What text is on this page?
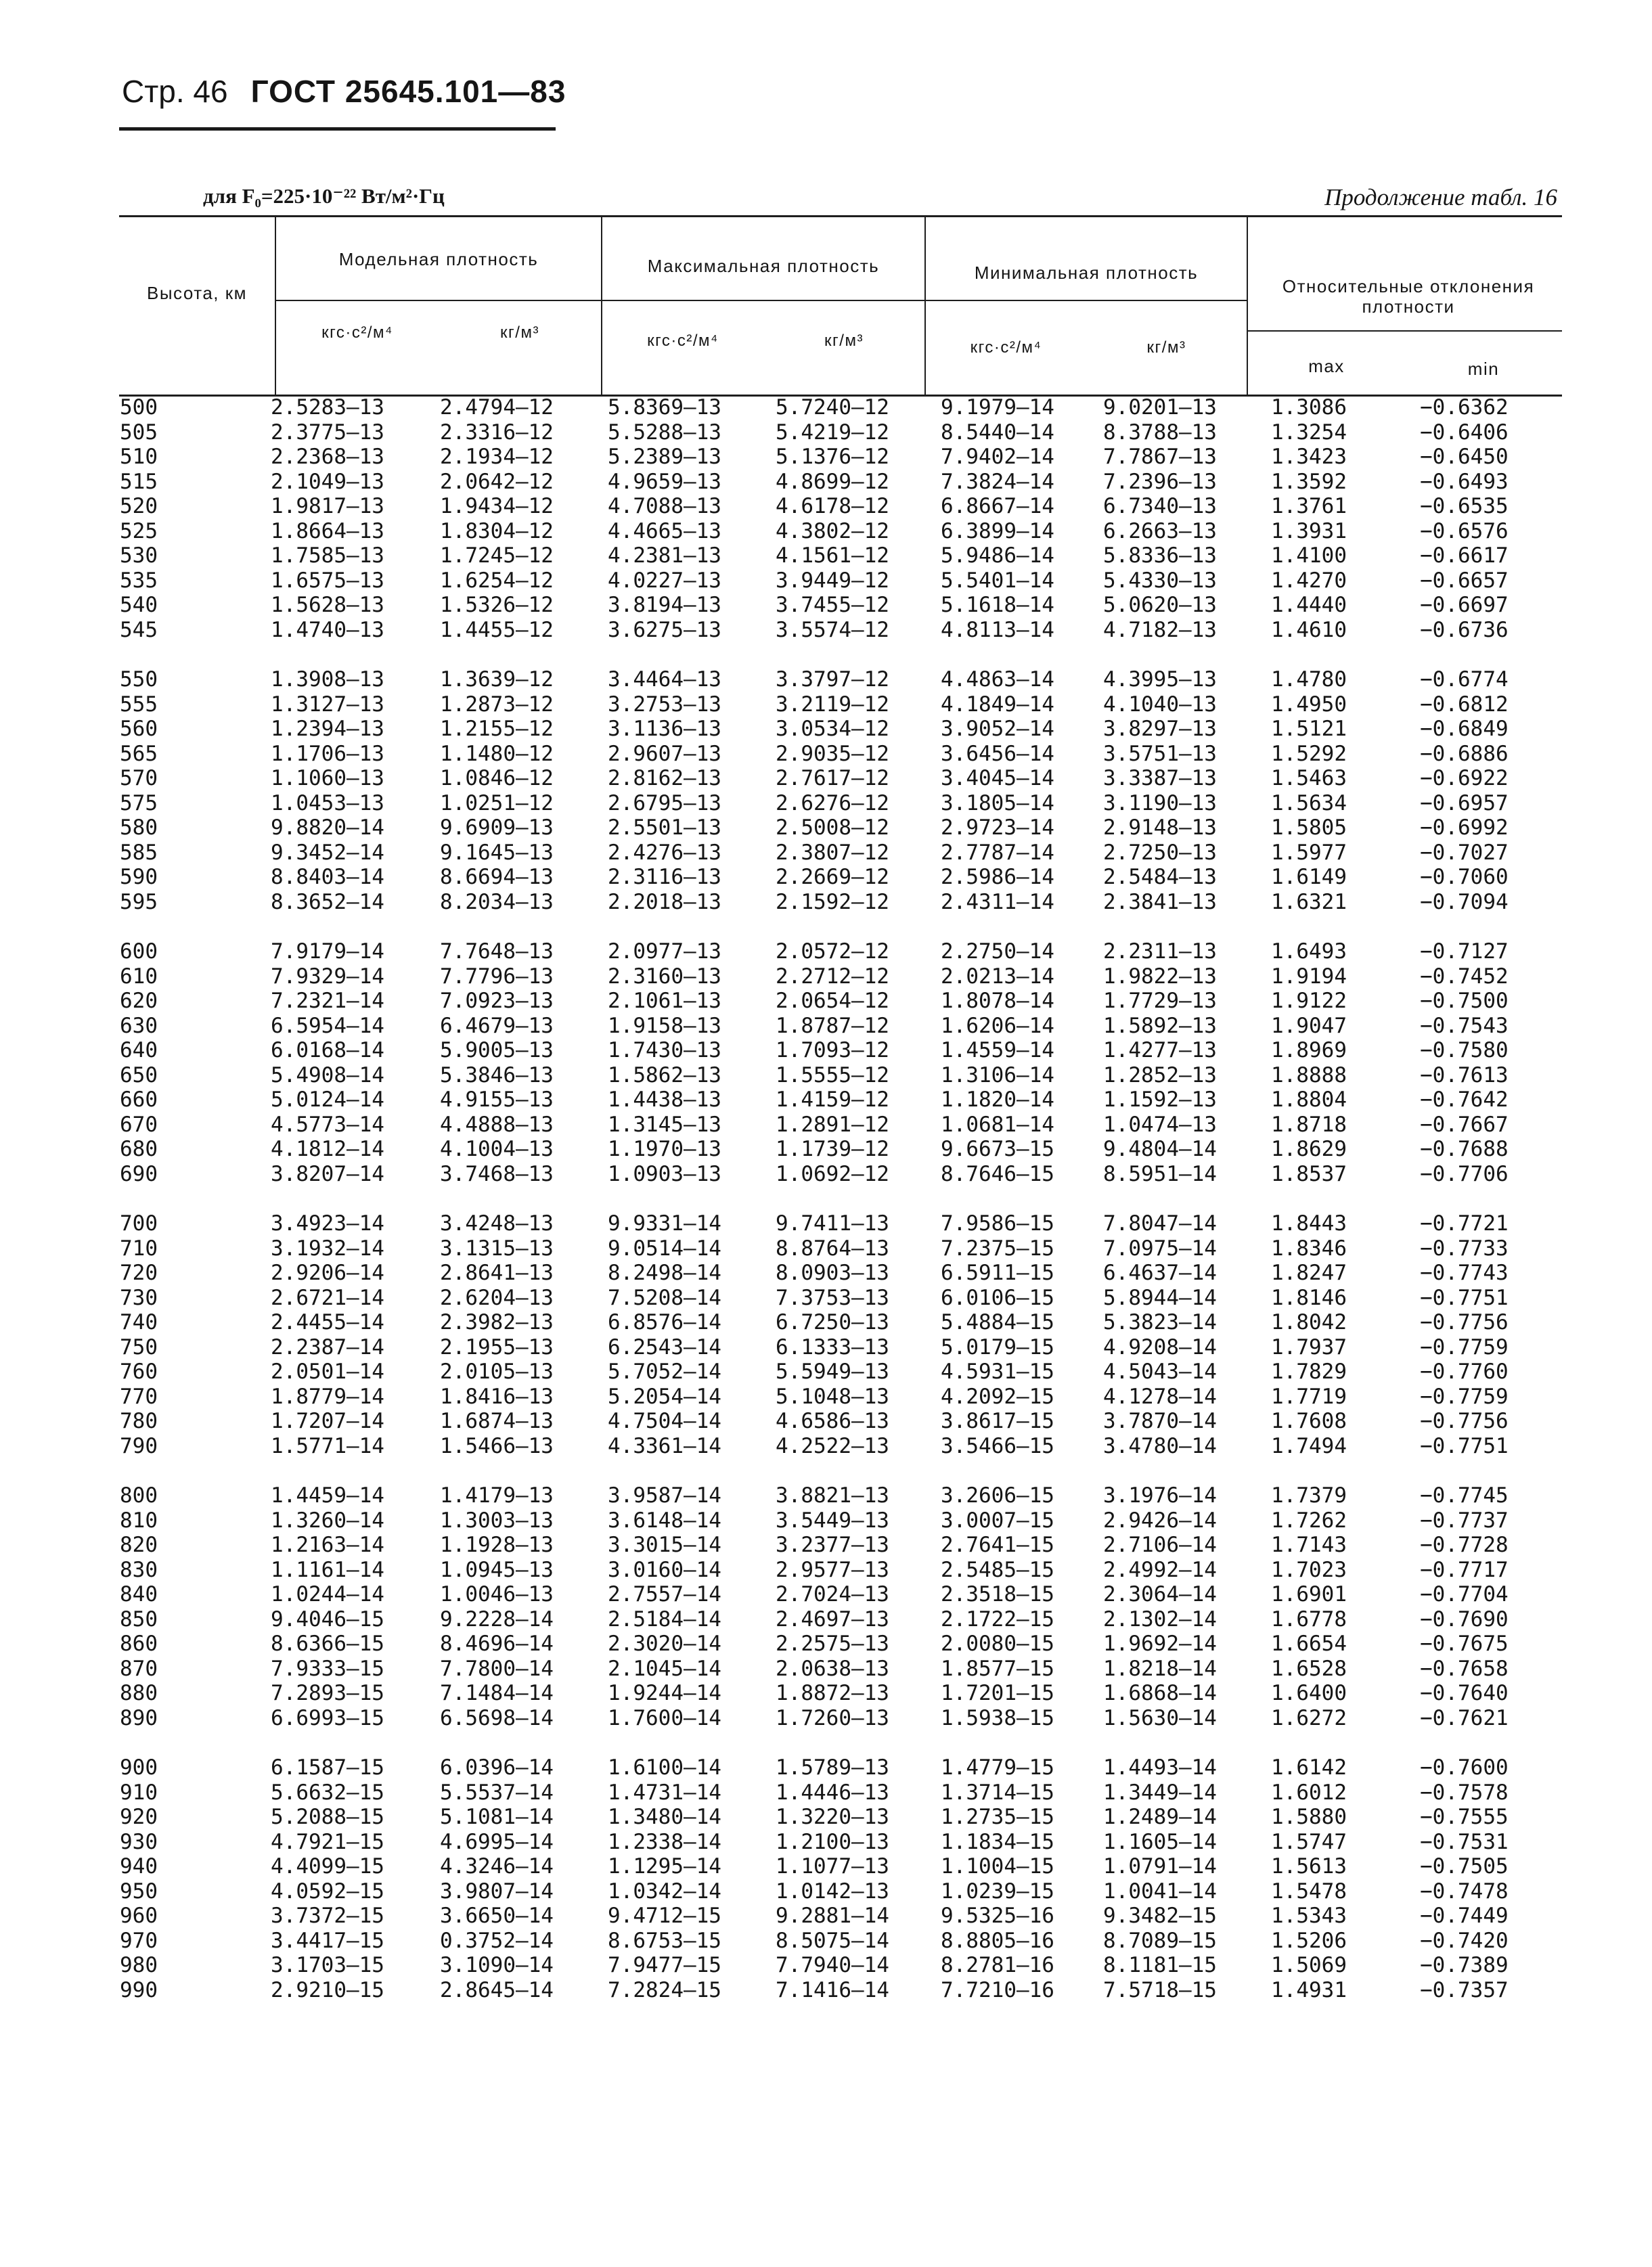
Стр. 46 ГОСТ 25645.101—83
для F₀=225·10⁻²² Вт/м²·Гц	Продолжение табл. 16
Высота, км
Модельная плотность	Максимальная плотность	Минимальная плотность
Относительные отклонения плотности
кгс·с²/м⁴	кг/м³	кгс·с²/м⁴	кг/м³	кгс·с²/м⁴	кг/м³
max	min
500	2.5283—13	2.4794—12	5.8369—13	5.7240—12 9.1979—14 9.0201—13	1.3086	−0.6362
505	2.3775—13	2.3316—12	5.5288—13	5.4219—12 8.5440—14 8.3788—13	1.3254	−0.6406
510	2.2368—13	2.1934—12	5.2389—13	5.1376—12 7.9402—14 7.7867—13	1.3423	−0.6450
515	2.1049—13	2.0642—12	4.9659—13	4.8699—12 7.3824—14 7.2396—13	1.3592	−0.6493
520	1.9817—13	1.9434—12	4.7088—13	4.6178—12 6.8667—14 6.7340—13	1.3761	−0.6535
525	1.8664—13	1.8304—12	4.4665—13	4.3802—12 6.3899—14 6.2663—13	1.3931	−0.6576
530	1.7585—13	1.7245—12	4.2381—13	4.1561—12 5.9486—14 5.8336—13	1.4100	−0.6617
535	1.6575—13	1.6254—12	4.0227—13	3.9449—12 5.5401—14 5.4330—13	1.4270	−0.6657
540	1.5628—13	1.5326—12	3.8194—13	3.7455—12 5.1618—14 5.0620—13	1.4440	−0.6697
545	1.4740—13	1.4455—12	3.6275—13	3.5574—12 4.8113—14 4.7182—13	1.4610	−0.6736
550	1.3908—13	1.3639—12	3.4464—13	3.3797—12 4.4863—14 4.3995—13	1.4780	−0.6774
555	1.3127—13	1.2873—12	3.2753—13	3.2119—12 4.1849—14 4.1040—13	1.4950	−0.6812
560	1.2394—13	1.2155—12	3.1136—13	3.0534—12 3.9052—14 3.8297—13	1.5121	−0.6849
565	1.1706—13	1.1480—12	2.9607—13	2.9035—12 3.6456—14 3.5751—13	1.5292	−0.6886
570	1.1060—13	1.0846—12	2.8162—13	2.7617—12 3.4045—14 3.3387—13	1.5463	−0.6922
575	1.0453—13	1.0251—12	2.6795—13	2.6276—12 3.1805—14 3.1190—13	1.5634	−0.6957
580	9.8820—14	9.6909—13	2.5501—13	2.5008—12 2.9723—14 2.9148—13	1.5805	−0.6992
585	9.3452—14	9.1645—13	2.4276—13	2.3807—12 2.7787—14 2.7250—13	1.5977	−0.7027
590	8.8403—14	8.6694—13	2.3116—13	2.2669—12 2.5986—14 2.5484—13	1.6149	−0.7060
595	8.3652—14	8.2034—13	2.2018—13	2.1592—12 2.4311—14 2.3841—13	1.6321	−0.7094
600	7.9179—14	7.7648—13	2.0977—13	2.0572—12 2.2750—14 2.2311—13	1.6493	−0.7127
610	7.9329—14	7.7796—13	2.3160—13	2.2712—12 2.0213—14 1.9822—13	1.9194	−0.7452
620	7.2321—14	7.0923—13	2.1061—13	2.0654—12 1.8078—14 1.7729—13	1.9122	−0.7500
630	6.5954—14	6.4679—13	1.9158—13	1.8787—12 1.6206—14 1.5892—13	1.9047	−0.7543
640	6.0168—14	5.9005—13	1.7430—13	1.7093—12 1.4559—14 1.4277—13	1.8969	−0.7580
650	5.4908—14	5.3846—13	1.5862—13	1.5555—12 1.3106—14 1.2852—13	1.8888	−0.7613
660	5.0124—14	4.9155—13	1.4438—13	1.4159—12 1.1820—14 1.1592—13	1.8804	−0.7642
670	4.5773—14	4.4888—13	1.3145—13	1.2891—12 1.0681—14 1.0474—13	1.8718	−0.7667
680	4.1812—14	4.1004—13	1.1970—13	1.1739—12 9.6673—15 9.4804—14	1.8629	−0.7688
690	3.8207—14	3.7468—13	1.0903—13	1.0692—12 8.7646—15 8.5951—14	1.8537	−0.7706
700	3.4923—14	3.4248—13	9.9331—14	9.7411—13 7.9586—15 7.8047—14	1.8443	−0.7721
710	3.1932—14	3.1315—13	9.0514—14	8.8764—13 7.2375—15 7.0975—14	1.8346	−0.7733
720	2.9206—14	2.8641—13	8.2498—14	8.0903—13 6.5911—15 6.4637—14	1.8247	−0.7743
730	2.6721—14	2.6204—13	7.5208—14	7.3753—13 6.0106—15 5.8944—14	1.8146	−0.7751
740	2.4455—14	2.3982—13	6.8576—14	6.7250—13 5.4884—15 5.3823—14	1.8042	−0.7756
750	2.2387—14	2.1955—13	6.2543—14	6.1333—13 5.0179—15 4.9208—14	1.7937	−0.7759
760	2.0501—14	2.0105—13	5.7052—14	5.5949—13 4.5931—15 4.5043—14	1.7829	−0.7760
770	1.8779—14	1.8416—13	5.2054—14	5.1048—13 4.2092—15 4.1278—14	1.7719	−0.7759
780	1.7207—14	1.6874—13	4.7504—14	4.6586—13 3.8617—15 3.7870—14	1.7608	−0.7756
790	1.5771—14	1.5466—13	4.3361—14	4.2522—13 3.5466—15 3.4780—14	1.7494	−0.7751
800	1.4459—14	1.4179—13	3.9587—14	3.8821—13 3.2606—15 3.1976—14	1.7379	−0.7745
810	1.3260—14	1.3003—13	3.6148—14	3.5449—13 3.0007—15 2.9426—14	1.7262	−0.7737
820	1.2163—14	1.1928—13	3.3015—14	3.2377—13 2.7641—15 2.7106—14	1.7143	−0.7728
830	1.1161—14	1.0945—13	3.0160—14	2.9577—13 2.5485—15 2.4992—14	1.7023	−0.7717
840	1.0244—14	1.0046—13	2.7557—14	2.7024—13 2.3518—15 2.3064—14	1.6901	−0.7704
850	9.4046—15	9.2228—14	2.5184—14	2.4697—13 2.1722—15 2.1302—14	1.6778	−0.7690
860	8.6366—15	8.4696—14	2.3020—14	2.2575—13 2.0080—15 1.9692—14	1.6654	−0.7675
870	7.9333—15	7.7800—14	2.1045—14	2.0638—13 1.8577—15 1.8218—14	1.6528	−0.7658
880	7.2893—15	7.1484—14	1.9244—14	1.8872—13 1.7201—15 1.6868—14	1.6400	−0.7640
890	6.6993—15	6.5698—14	1.7600—14	1.7260—13 1.5938—15 1.5630—14	1.6272	−0.7621
900	6.1587—15	6.0396—14	1.6100—14	1.5789—13 1.4779—15 1.4493—14	1.6142	−0.7600
910	5.6632—15	5.5537—14	1.4731—14	1.4446—13 1.3714—15 1.3449—14	1.6012	−0.7578
920	5.2088—15	5.1081—14	1.3480—14	1.3220—13 1.2735—15 1.2489—14	1.5880	−0.7555
930	4.7921—15	4.6995—14	1.2338—14	1.2100—13 1.1834—15 1.1605—14	1.5747	−0.7531
940	4.4099—15	4.3246—14	1.1295—14	1.1077—13 1.1004—15 1.0791—14	1.5613	−0.7505
950	4.0592—15	3.9807—14	1.0342—14	1.0142—13 1.0239—15 1.0041—14	1.5478	−0.7478
960	3.7372—15	3.6650—14	9.4712—15	9.2881—14 9.5325—16 9.3482—15	1.5343	−0.7449
970	3.4417—15	0.3752—14	8.6753—15	8.5075—14 8.8805—16 8.7089—15	1.5206	−0.7420
980	3.1703—15	3.1090—14	7.9477—15	7.7940—14 8.2781—16 8.1181—15	1.5069	−0.7389
990	2.9210—15	2.8645—14	7.2824—15	7.1416—14 7.7210—16 7.5718—15	1.4931	−0.7357
